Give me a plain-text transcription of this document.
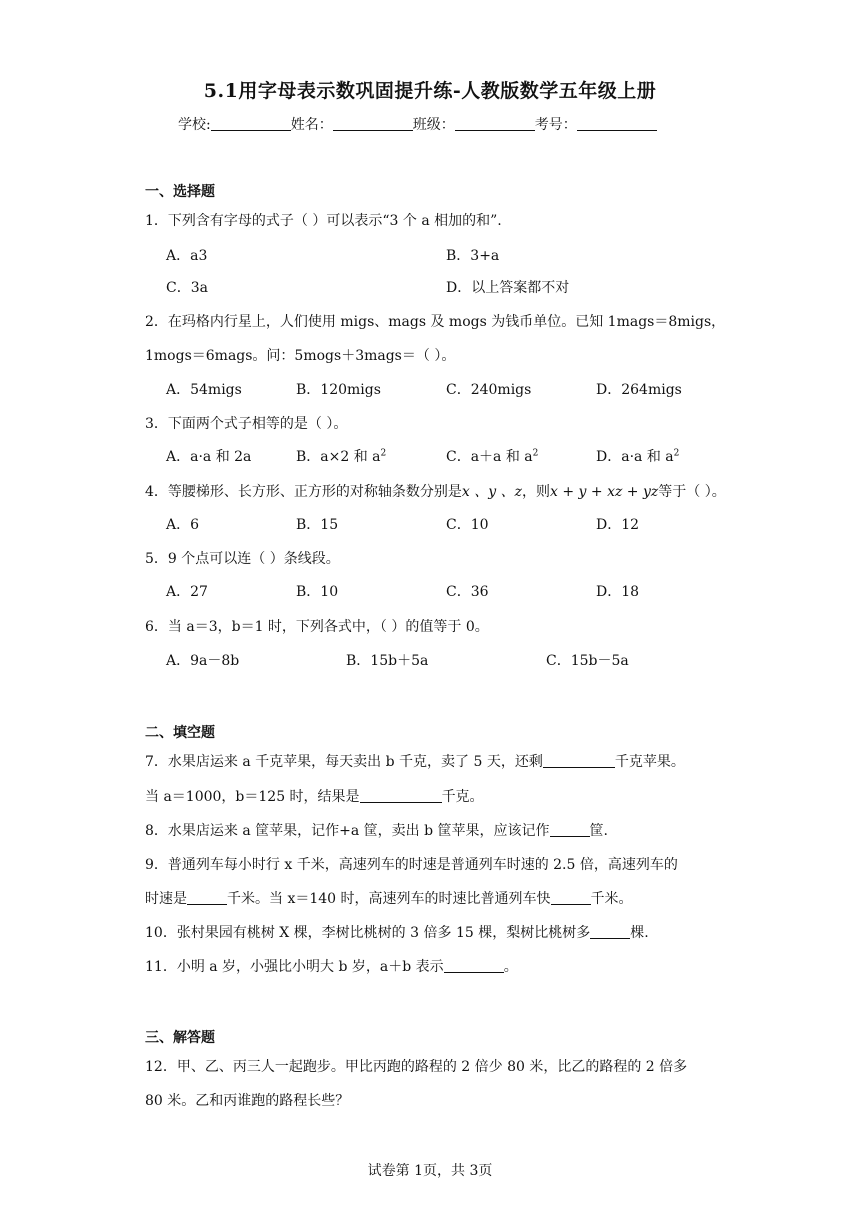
5.1用字母表示数巩固提升练-人教版数学五年级上册
学校:	姓名：	班级：	考号：
一、选择题
1．下列含有字母的式子（ ）可以表示“3 个 a 相加的和”.
A．a3	B．3+a
C．3a	D．以上答案都不对
2．在玛格内行星上，人们使用 migs、mags 及 mogs 为钱币单位。已知 1mags＝8migs，
1mogs＝6mags。问：5mogs＋3mags＝（ ）。
A．54migs	B．120migs	C．240migs	D．264migs
3．下面两个式子相等的是（ ）。
A．a·a 和 2a	B．a×2 和 $a^2$	C．a＋a 和 $a^2$	D．a·a 和 $a^2$
4．等腰梯形、长方形、正方形的对称轴条数分别是x 、y 、z，则x + y + xz + yz等于（ ）。
A．6	B．15	C．10	D．12
5．9 个点可以连（ ）条线段。
A．27	B．10	C．36	D．18
6．当 a＝3，b＝1 时，下列各式中，（ ）的值等于 0。
A．9a－8b	B．15b＋5a	C．15b－5a
二、填空题
7．水果店运来 a 千克苹果，每天卖出 b 千克，卖了 5 天，还剩	千克苹果。
当 a＝1000，b＝125 时，结果是	千克。
8．水果店运来 a 筐苹果，记作+a 筐，卖出 b 筐苹果，应该记作	筐.
9．普通列车每小时行 x 千米，高速列车的时速是普通列车时速的 2.5 倍，高速列车的
时速是	千米。当 x＝140 时，高速列车的时速比普通列车快	千米。
10．张村果园有桃树 X 棵，李树比桃树的 3 倍多 15 棵，梨树比桃树多	棵.
11．小明 a 岁，小强比小明大 b 岁，a＋b 表示	。
三、解答题
12．甲、乙、丙三人一起跑步。甲比丙跑的路程的 2 倍少 80 米，比乙的路程的 2 倍多
80 米。乙和丙谁跑的路程长些？
试卷第 1页，共 3页
